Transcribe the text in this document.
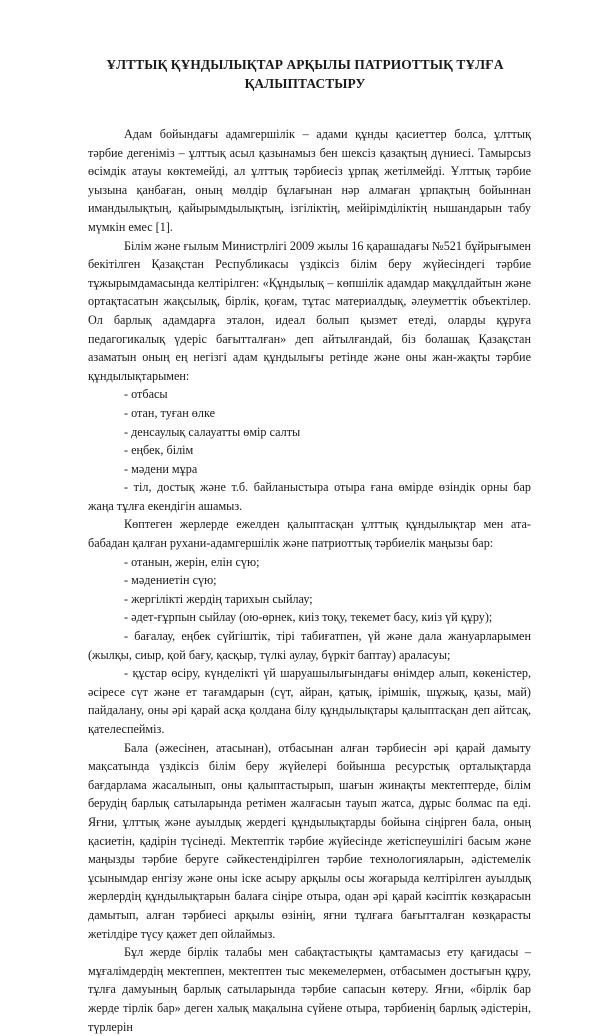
ҰЛТТЫҚ ҚҰНДЫЛЫҚТАР АРҚЫЛЫ ПАТРИОТТЫҚ ТҰЛҒА
ҚАЛЫПТАСТЫРУ

Адам бойындағы адамгершілік – адами құнды қасиеттер болса, ұлттық тәрбие дегеніміз – ұлттық асыл қазынамыз бен шексіз қазақтың дүниесі. Тамырсыз өсімдік атауы көктемейді, ал ұлттық тәрбиесіз ұрпақ жетілмейді. Ұлттық тәрбие уызына қанбаған, оның мөлдір бұлағынан нәр алмаған ұрпақтың бойыннан имандылықтың, қайырымдылықтың, ізгіліктің, мейірімділіктің нышандарын табу мүмкін емес [1].

Білім және ғылым Министрлігі 2009 жылы 16 қарашадағы №521 бұйрығымен бекітілген Қазақстан Республикасы үздіксіз білім беру жүйесіндегі тәрбие тұжырымдамасында келтірілген: «Құндылық – көпшілік адамдар мақұлдайтын және ортақтасатын жақсылық, бірлік, қоғам, тұтас материалдық, әлеуметтік объектілер. Ол барлық адамдарға эталон, идеал болып қызмет етеді, оларды құруға педагогикалық үдеріс бағытталған» деп айтылғандай, біз болашақ Қазақстан азаматын оның ең негізгі адам құндылығы ретінде және оны жан-жақты тәрбие құндылықтарымен:

- отбасы

- отан, туған өлке

- денсаулық салауатты өмір салты

- еңбек, білім

- мәдени мұра

- тіл, достық және т.б. байланыстыра отыра ғана өмірде өзіндік орны бар жаңа тұлға екендігін ашамыз.

Көптеген жерлерде ежелден қалыптасқан ұлттық құндылықтар мен ата-бабадан қалған рухани-адамгершілік және патриоттық тәрбиелік маңызы бар:

- отанын, жерін, елін сүю;

- мәдениетін сүю;

- жергілікті жердің тарихын сыйлау;

- әдет-ғұрпын сыйлау (ою-өрнек, киіз тоқу, текемет басу, киіз үй құру);

- бағалау, еңбек сүйгіштік, тірі табиғатпен, үй және дала жануарларымен (жылқы, сиыр, қой бағу, қасқыр, түлкі аулау, бүркіт баптау) араласуы;

- құстар өсіру, күнделікті үй шаруашылығындағы өнімдер алып, көкеністер, әсіресе сүт және ет тағамдарын (сүт, айран, қатық, ірімшік, шұжық, қазы, май) пайдалану, оны әрі қарай асқа қолдана білу құндылықтары қалыптасқан деп айтсақ, қателеспейміз.

Бала (әжесінен, атасынан), отбасынан алған тәрбиесін әрі қарай дамыту мақсатында үздіксіз білім беру жүйелері бойынша ресурстық орталықтарда бағдарлама жасалынып, оны қалыптастырып, шағын жинақты мектептерде, білім берудің барлық сатыларында ретімен жалғасын тауып жатса, дұрыс болмас па еді. Яғни, ұлттық және ауылдық жердегі құндылықтарды бойына сіңірген бала, оның қасиетін, қадірін түсінеді. Мектептік тәрбие жүйесінде жетіспеушілігі басым және маңызды тәрбие беруге сәйкестендірілген тәрбие технологияларын, әдістемелік ұсынымдар енгізу және оны іске асыру арқылы осы жоғарыда келтірілген ауылдық жерлердің құндылықтарын балаға сіңіре отыра, одан әрі қарай кәсіптік көзқарасын дамытып, алған тәрбиесі арқылы өзінің, яғни тұлғаға бағытталған көзқарасты жетілдіре түсу қажет деп ойлаймыз.

Бұл жерде бірлік талабы мен сабақтастықты қамтамасыз ету қағидасы – мұғалімдердің мектеппен, мектептен тыс мекемелермен, отбасымен достығын құру, тұлға дамуының барлық сатыларында тәрбие сапасын көтеру. Яғни, «бірлік бар жерде тірлік бар» деген халық мақалына сүйене отыра, тәрбиенің барлық әдістерін, түрлерін
